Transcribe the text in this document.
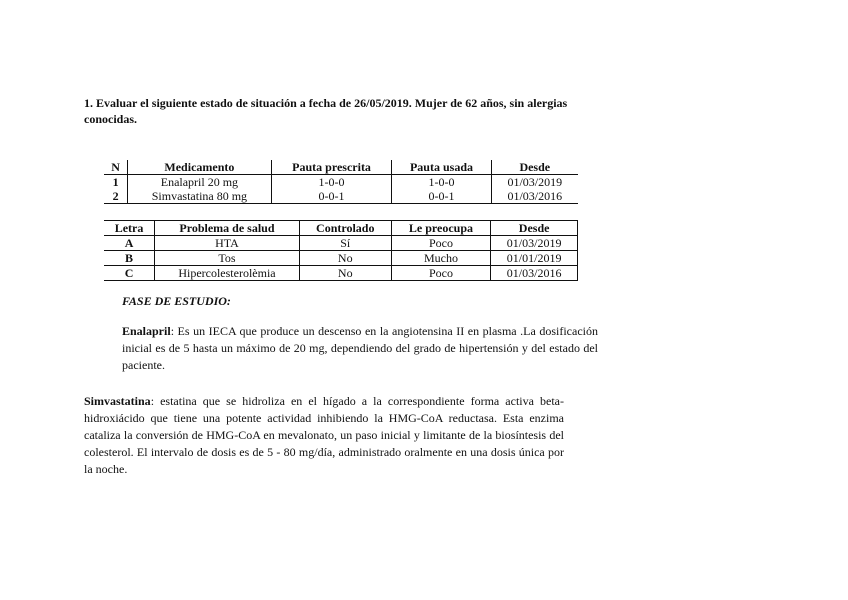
1. Evaluar el siguiente estado de situación a fecha de 26/05/2019. Mujer de 62 años, sin alergias conocidas.
N	Medicamento	Pauta prescrita	Pauta usada	Desde
1	Enalapril 20 mg	1-0-0	1-0-0	01/03/2019
2	Simvastatina 80 mg	0-0-1	0-0-1	01/03/2016
Letra	Problema de salud	Controlado	Le preocupa	Desde
A	HTA	Sí	Poco	01/03/2019
B	Tos	No	Mucho	01/01/2019
C	Hipercolesterolèmia	No	Poco	01/03/2016
FASE DE ESTUDIO:
Enalapril: Es un IECA que produce un descenso en la angiotensina II en plasma .La dosificación inicial es de 5 hasta un máximo de 20 mg, dependiendo del grado de hipertensión y del estado del paciente.
Simvastatina: estatina que se hidroliza en el hígado a la correspondiente forma activa beta-hidroxiácido que tiene una potente actividad inhibiendo la HMG-CoA reductasa. Esta enzima cataliza la conversión de HMG-CoA en mevalonato, un paso inicial y limitante de la biosíntesis del colesterol. El intervalo de dosis es de 5 - 80 mg/día, administrado oralmente en una dosis única por la noche.
